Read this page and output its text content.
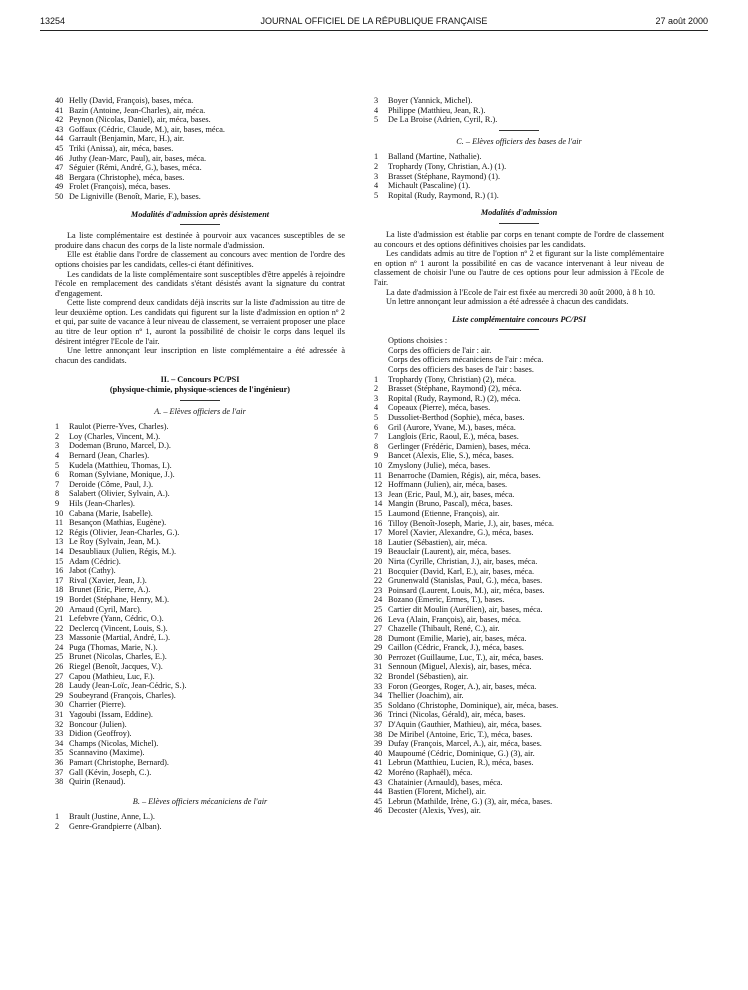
13254	JOURNAL OFFICIEL DE LA RÉPUBLIQUE FRANÇAISE	27 août 2000
40 Helly (David, François), bases, méca.
41 Bazin (Antoine, Jean-Charles), air, méca.
42 Peynon (Nicolas, Daniel), air, méca, bases.
43 Goffaux (Cédric, Claude, M.), air, bases, méca.
44 Garrault (Benjamin, Marc, H.), air.
45 Triki (Anissa), air, méca, bases.
46 Juthy (Jean-Marc, Paul), air, bases, méca.
47 Séguier (Rémi, André, G.), bases, méca.
48 Bergara (Christophe), méca, bases.
49 Frolet (François), méca, bases.
50 De Ligniville (Benoît, Marie, F.), bases.
Modalités d'admission après désistement

La liste complémentaire est destinée à pourvoir aux vacances susceptibles de se produire dans chacun des corps de la liste normale d'admission.

Elle est établie dans l'ordre de classement au concours avec mention de l'ordre des options choisies par les candidats, celles-ci étant définitives.

Les candidats de la liste complémentaire sont susceptibles d'être appelés à rejoindre l'école en remplacement des candidats s'étant désistés avant la signature du contrat d'engagement.

Cette liste comprend deux candidats déjà inscrits sur la liste d'admission au titre de leur deuxième option. Les candidats qui figurent sur la liste d'admission en option nº 2 et qui, par suite de vacance à leur niveau de classement, se verraient proposer une place au titre de leur option nº 1, auront la possibilité de choisir le corps dans lequel ils désirent intégrer l'Ecole de l'air.

Une lettre annonçant leur inscription en liste complémentaire a été adressée à chacun des candidats.

II. – Concours PC/PSI
(physique-chimie, physique-sciences de l'ingénieur)
A. – Elèves officiers de l'air
1 Raulot (Pierre-Yves, Charles).
2 Loy (Charles, Vincent, M.).
3 Dodeman (Bruno, Marcel, D.).
4 Bernard (Jean, Charles).
5 Kudela (Matthieu, Thomas, I.).
6 Roman (Sylviane, Monique, J.).
7 Deroide (Côme, Paul, J.).
8 Salabert (Olivier, Sylvain, A.).
9 Hils (Jean-Charles).
10 Cabana (Marie, Isabelle).
11 Besançon (Mathias, Eugène).
12 Régis (Olivier, Jean-Charles, G.).
13 Le Roy (Sylvain, Jean, M.).
14 Desaubliaux (Julien, Régis, M.).
15 Adam (Cédric).
16 Jabot (Cathy).
17 Rival (Xavier, Jean, J.).
18 Brunet (Eric, Pierre, A.).
19 Bordet (Stéphane, Henry, M.).
20 Arnaud (Cyril, Marc).
21 Lefebvre (Yann, Cédric, O.).
22 Declercq (Vincent, Louis, S.).
23 Massonie (Martial, André, L.).
24 Puga (Thomas, Marie, N.).
25 Brunet (Nicolas, Charles, E.).
26 Riegel (Benoît, Jacques, V.).
27 Capou (Mathieu, Luc, F.).
28 Laudy (Jean-Loïc, Jean-Cédric, S.).
29 Soubeyrand (François, Charles).
30 Charrier (Pierre).
31 Yagoubi (Issam, Eddine).
32 Boncour (Julien).
33 Didion (Geoffroy).
34 Champs (Nicolas, Michel).
35 Scannavino (Maxime).
36 Pamart (Christophe, Bernard).
37 Gall (Kévin, Joseph, C.).
38 Quirin (Renaud).
B. – Elèves officiers mécaniciens de l'air
1 Brault (Justine, Anne, L.).
2 Genre-Grandpierre (Alban).
3 Boyer (Yannick, Michel).
4 Philippe (Matthieu, Jean, R.).
5 De La Broise (Adrien, Cyril, R.).
C. – Elèves officiers des bases de l'air
1 Balland (Martine, Nathalie).
2 Trophardy (Tony, Christian, A.) (1).
3 Brasset (Stéphane, Raymond) (1).
4 Michault (Pascaline) (1).
5 Ropital (Rudy, Raymond, R.) (1).
Modalités d'admission

La liste d'admission est établie par corps en tenant compte de l'ordre de classement au concours et des options définitives choisies par les candidats.

Les candidats admis au titre de l'option nº 2 et figurant sur la liste complémentaire en option nº 1 auront la possibilité en cas de vacance intervenant à leur niveau de classement de choisir l'une ou l'autre de ces options pour leur admission à l'Ecole de l'air.

La date d'admission à l'Ecole de l'air est fixée au mercredi 30 août 2000, à 8 h 10.

Un lettre annonçant leur admission a été adressée à chacun des candidats.

Liste complémentaire concours PC/PSI
Options choisies :
Corps des officiers de l'air : air.
Corps des officiers mécaniciens de l'air : méca.
Corps des officiers des bases de l'air : bases.
1 Trophardy (Tony, Christian) (2), méca.
2 Brasset (Stéphane, Raymond) (2), méca.
3 Ropital (Rudy, Raymond, R.) (2), méca.
4 Copeaux (Pierre), méca, bases.
5 Dussoliet-Berthod (Sophie), méca, bases.
6 Gril (Aurore, Yvane, M.), bases, méca.
7 Langlois (Eric, Raoul, E.), méca, bases.
8 Gerlinger (Frédéric, Damien), bases, méca.
9 Bancet (Alexis, Elie, S.), méca, bases.
10 Zmyslony (Julie), méca, bases.
11 Benarroche (Damien, Régis), air, méca, bases.
12 Hoffmann (Julien), air, méca, bases.
13 Jean (Eric, Paul, M.), air, bases, méca.
14 Mangin (Bruno, Pascal), méca, bases.
15 Laumond (Etienne, François), air.
16 Tilloy (Benoît-Joseph, Marie, J.), air, bases, méca.
17 Morel (Xavier, Alexandre, G.), méca, bases.
18 Lautier (Sébastien), air, méca.
19 Beauclair (Laurent), air, méca, bases.
20 Nirta (Cyrille, Christian, J.), air, bases, méca.
21 Bocquier (David, Karl, E.), air, bases, méca.
22 Grunenwald (Stanislas, Paul, G.), méca, bases.
23 Poinsard (Laurent, Louis, M.), air, méca, bases.
24 Bozano (Emeric, Ermes, T.), bases.
25 Cartier dit Moulin (Aurélien), air, bases, méca.
26 Leva (Alain, François), air, bases, méca.
27 Chazelle (Thibault, René, C.), air.
28 Dumont (Emilie, Marie), air, bases, méca.
29 Caillon (Cédric, Franck, J.), méca, bases.
30 Perrozet (Guillaume, Luc, T.), air, méca, bases.
31 Sennoun (Miguel, Alexis), air, bases, méca.
32 Brondel (Sébastien), air.
33 Foron (Georges, Roger, A.), air, bases, méca.
34 Thellier (Joachim), air.
35 Soldano (Christophe, Dominique), air, méca, bases.
36 Trinci (Nicolas, Gérald), air, méca, bases.
37 D'Aquin (Gauthier, Mathieu), air, méca, bases.
38 De Miribel (Antoine, Eric, T.), méca, bases.
39 Dufay (François, Marcel, A.), air, méca, bases.
40 Maupoumé (Cédric, Dominique, G.) (3), air.
41 Lebrun (Matthieu, Lucien, R.), méca, bases.
42 Moréno (Raphaël), méca.
43 Chatainier (Arnauld), bases, méca.
44 Bastien (Florent, Michel), air.
45 Lebrun (Mathilde, Irène, G.) (3), air, méca, bases.
46 Decoster (Alexis, Yves), air.
